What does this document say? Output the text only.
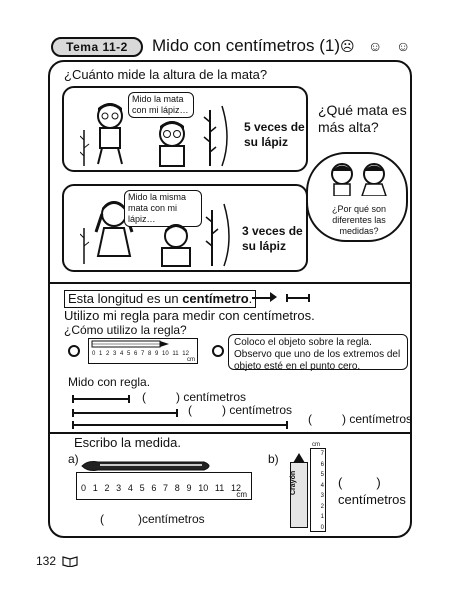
Tema 11-2	Mido con centímetros (1) ☹ ☺ ☺
¿Cuánto mide la altura de la mata?
Mido la mata con mi lápiz…
5 veces de
su lápiz
Mido la misma mata con mi lápiz…
3 veces de
su lápiz
¿Qué mata es más alta?
¿Por qué son diferentes las medidas?
Esta longitud es un centímetro.
Utilizo mi regla para medir con centímetros.
¿Cómo utilizo la regla?
0 1 2 3 4 5 6 7 8 9 10 11 12
cm
Coloco el objeto sobre la regla. Observo que uno de los extremos del objeto esté en el punto cero.
Mido con regla.
(	) centímetros
(	) centímetros
(	) centímetros
Escribo la medida.
a)
0 1 2 3 4 5 6 7 8 9 10 11 12
cm
(	)centímetros
b)
Crayón
7
6
5
4
3
2
1
0
cm
(	)
centímetros
132
